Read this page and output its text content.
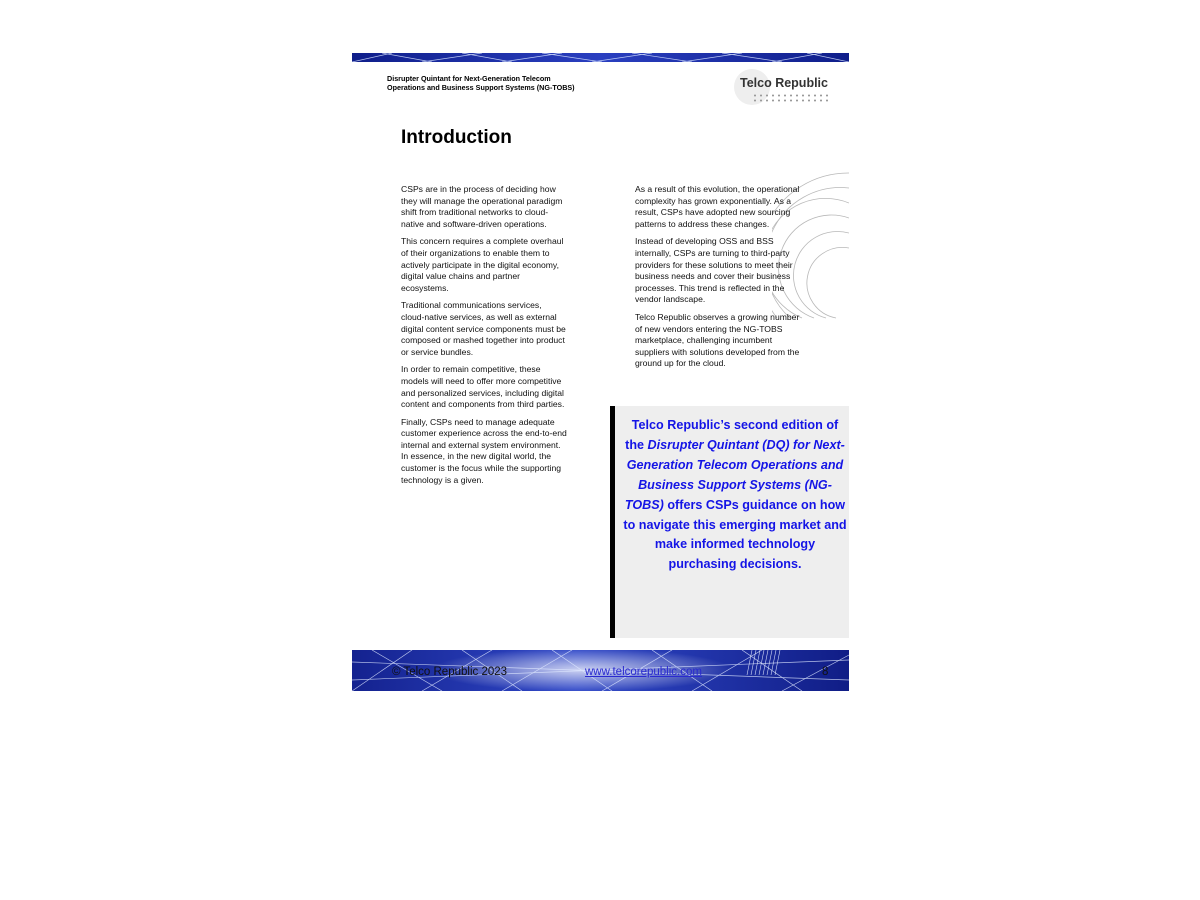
Disrupter Quintant for Next-Generation Telecom
Operations and Business Support Systems (NG-TOBS)	Telco Republic
Introduction

CSPs are in the process of deciding how they will manage the operational paradigm shift from traditional networks to cloud-native and software-driven operations.

This concern requires a complete overhaul of their organizations to enable them to actively participate in the digital economy, digital value chains and partner ecosystems.

Traditional communications services, cloud-native services, as well as external digital content service components must be composed or mashed together into product or service bundles.

In order to remain competitive, these models will need to offer more competitive and personalized services, including digital content and components from third parties.

Finally, CSPs need to manage adequate customer experience across the end-to-end internal and external system environment. In essence, in the new digital world, the customer is the focus while the supporting technology is a given.

As a result of this evolution, the operational complexity has grown exponentially. As a result, CSPs have adopted new sourcing patterns to address these changes.

Instead of developing OSS and BSS internally, CSPs are turning to third-party providers for these solutions to meet their business needs and cover their business processes. This trend is reflected in the vendor landscape.

Telco Republic observes a growing number of new vendors entering the NG-TOBS marketplace, challenging incumbent suppliers with solutions developed from the ground up for the cloud.

Telco Republic’s second edition of the Disrupter Quintant (DQ) for Next-Generation Telecom Operations and Business Support Systems (NG-TOBS) offers CSPs guidance on how to navigate this emerging market and make informed technology purchasing decisions.
© Telco Republic 2023	www.telcorepublic.com	8
